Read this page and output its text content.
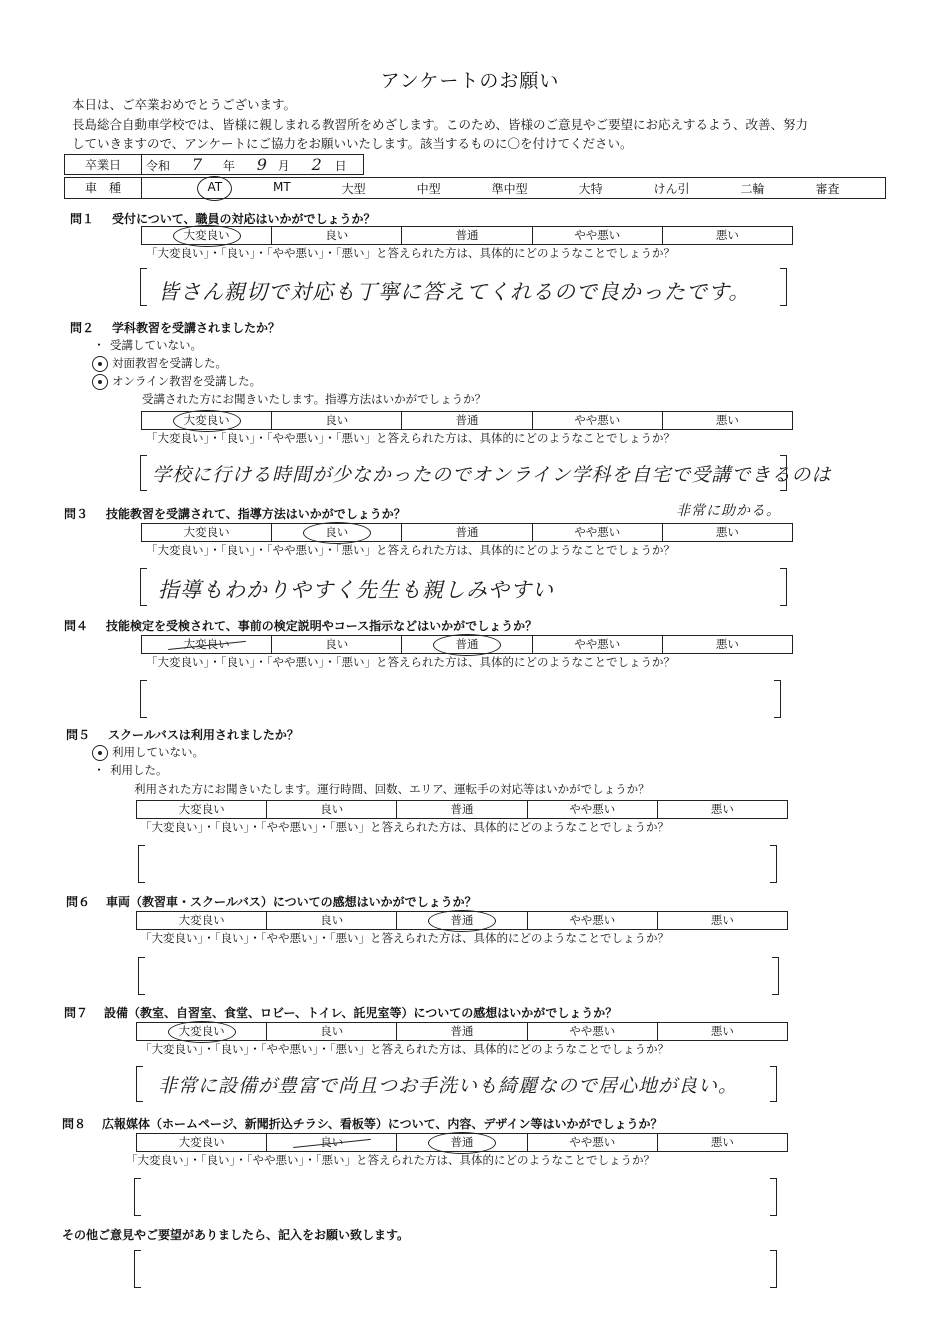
アンケートのお願い
本日は、ご卒業おめでとうございます。
長島総合自動車学校では、皆様に親しまれる教習所をめざします。このため、皆様のご意見やご要望にお応えするよう、改善、努力
していきますので、アンケートにご協力をお願いいたします。該当するものに〇を付けてください。
卒業日	令和 7 年 9 月 2 日
車　種	AT	MT	大型	中型	準中型	大特	けん引	二輪	審査
問１ 受付について、職員の対応はいかがでしょうか？
大変良い	良い	普通	やや悪い	悪い
「大変良い」・「良い」・「やや悪い」・「悪い」と答えられた方は、具体的にどのようなことでしょうか？
皆さん親切で対応も丁寧に答えてくれるので良かったです。
問２ 学科教習を受講されましたか？
・ 受講していない。
対面教習を受講した。
オンライン教習を受講した。
受講された方にお聞きいたします。指導方法はいかがでしょうか？
大変良い	良い	普通	やや悪い	悪い
「大変良い」・「良い」・「やや悪い」・「悪い」と答えられた方は、具体的にどのようなことでしょうか？
学校に行ける時間が少なかったのでオンライン学科を自宅で受講できるのは
非常に助かる。
問３ 技能教習を受講されて、指導方法はいかがでしょうか？
大変良い	良い	普通	やや悪い	悪い
「大変良い」・「良い」・「やや悪い」・「悪い」と答えられた方は、具体的にどのようなことでしょうか？
指導もわかりやすく先生も親しみやすい
問４ 技能検定を受検されて、事前の検定説明やコース指示などはいかがでしょうか？
大変良い	良い	普通	やや悪い	悪い
「大変良い」・「良い」・「やや悪い」・「悪い」と答えられた方は、具体的にどのようなことでしょうか？
問５ スクールバスは利用されましたか？
利用していない。
・ 利用した。
利用された方にお聞きいたします。運行時間、回数、エリア、運転手の対応等はいかがでしょうか？
大変良い	良い	普通	やや悪い	悪い
「大変良い」・「良い」・「やや悪い」・「悪い」と答えられた方は、具体的にどのようなことでしょうか？
問６ 車両（教習車・スクールバス）についての感想はいかがでしょうか？
大変良い	良い	普通	やや悪い	悪い
「大変良い」・「良い」・「やや悪い」・「悪い」と答えられた方は、具体的にどのようなことでしょうか？
問７ 設備（教室、自習室、食堂、ロビー、トイレ、託児室等）についての感想はいかがでしょうか？
大変良い	良い	普通	やや悪い	悪い
「大変良い」・「良い」・「やや悪い」・「悪い」と答えられた方は、具体的にどのようなことでしょうか？
非常に設備が豊富で尚且つお手洗いも綺麗なので居心地が良い。
問８ 広報媒体（ホームページ、新聞折込チラシ、看板等）について、内容、デザイン等はいかがでしょうか？
大変良い	良い	普通	やや悪い	悪い
「大変良い」・「良い」・「やや悪い」・「悪い」と答えられた方は、具体的にどのようなことでしょうか？
その他ご意見やご要望がありましたら、記入をお願い致します。
